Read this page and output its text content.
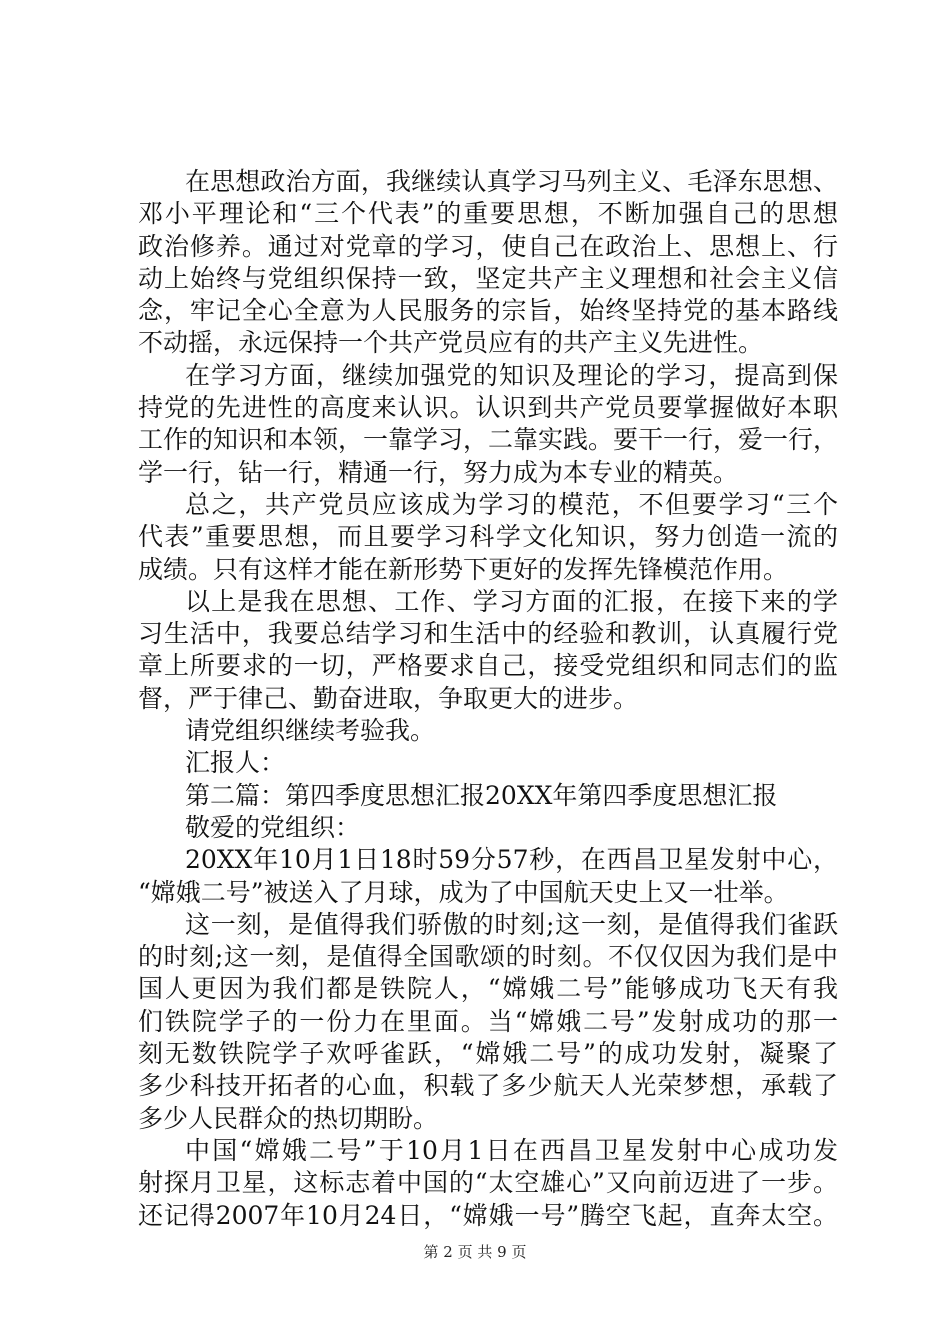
在思想政治方面，我继续认真学习马列主义、毛泽东思想、
邓小平理论和“三个代表”的重要思想，不断加强自己的思想
政治修养。通过对党章的学习，使自己在政治上、思想上、行
动上始终与党组织保持一致，坚定共产主义理想和社会主义信
念，牢记全心全意为人民服务的宗旨，始终坚持党的基本路线
不动摇，永远保持一个共产党员应有的共产主义先进性。
在学习方面，继续加强党的知识及理论的学习，提高到保
持党的先进性的高度来认识。认识到共产党员要掌握做好本职
工作的知识和本领，一靠学习，二靠实践。要干一行，爱一行，
学一行，钻一行，精通一行，努力成为本专业的精英。
总之，共产党员应该成为学习的模范，不但要学习“三个
代表”重要思想，而且要学习科学文化知识，努力创造一流的
成绩。只有这样才能在新形势下更好的发挥先锋模范作用。
以上是我在思想、工作、学习方面的汇报，在接下来的学
习生活中，我要总结学习和生活中的经验和教训，认真履行党
章上所要求的一切，严格要求自己，接受党组织和同志们的监
督，严于律己、勤奋进取，争取更大的进步。
请党组织继续考验我。
汇报人：
第二篇：第四季度思想汇报20XX年第四季度思想汇报
敬爱的党组织：
20XX年10月1日18时59分57秒，在西昌卫星发射中心，
“嫦娥二号”被送入了月球，成为了中国航天史上又一壮举。
这一刻，是值得我们骄傲的时刻;这一刻，是值得我们雀跃
的时刻;这一刻，是值得全国歌颂的时刻。不仅仅因为我们是中
国人更因为我们都是铁院人，“嫦娥二号”能够成功飞天有我
们铁院学子的一份力在里面。当“嫦娥二号”发射成功的那一
刻无数铁院学子欢呼雀跃，“嫦娥二号”的成功发射，凝聚了
多少科技开拓者的心血，积载了多少航天人光荣梦想，承载了
多少人民群众的热切期盼。
中国“嫦娥二号”于10月1日在西昌卫星发射中心成功发
射探月卫星，这标志着中国的“太空雄心”又向前迈进了一步。
还记得2007年10月24日，“嫦娥一号”腾空飞起，直奔太空。
第 2 页 共 9 页
